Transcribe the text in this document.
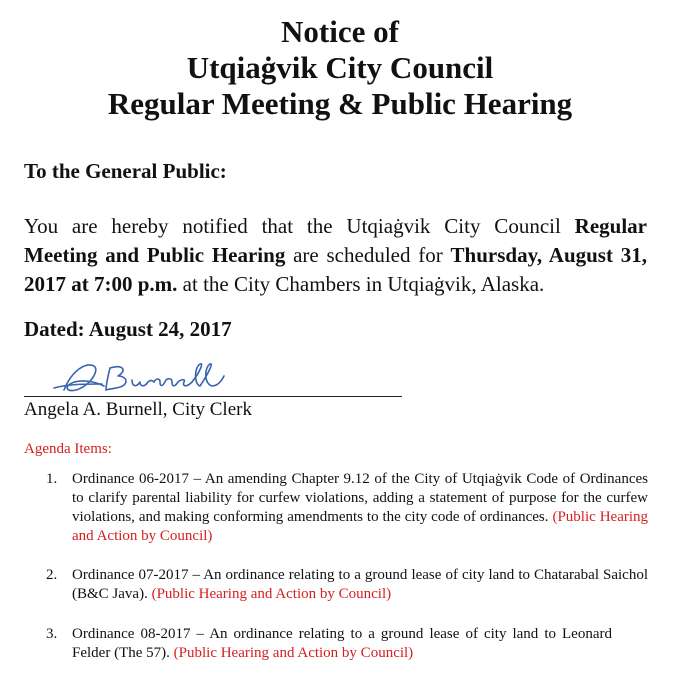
Notice of
Utqiaġvik City Council
Regular Meeting & Public Hearing
To the General Public:
You are hereby notified that the Utqiaġvik City Council Regular Meeting and Public Hearing are scheduled for Thursday, August 31, 2017 at 7:00 p.m. at the City Chambers in Utqiaġvik, Alaska.
Dated: August 24, 2017
Angela A. Burnell, City Clerk
Agenda Items:
1. Ordinance 06-2017 – An amending Chapter 9.12 of the City of Utqiaġvik Code of Ordinances to clarify parental liability for curfew violations, adding a statement of purpose for the curfew violations, and making conforming amendments to the city code of ordinances. (Public Hearing and Action by Council)
2. Ordinance 07-2017 – An ordinance relating to a ground lease of city land to Chatarabal Saichol (B&C Java). (Public Hearing and Action by Council)
3. Ordinance 08-2017 – An ordinance relating to a ground lease of city land to Leonard Felder (The 57). (Public Hearing and Action by Council)
